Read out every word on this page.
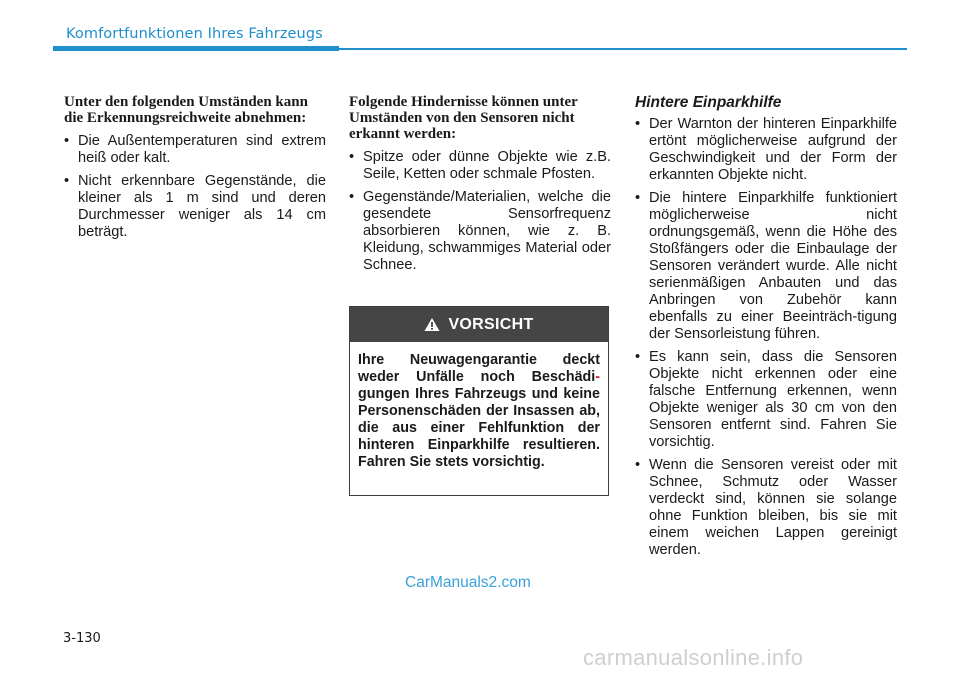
Komfortfunktionen Ihres Fahrzeugs
Unter den folgenden Umständen kann die Erkennungsreichweite abnehmen:
• Die Außentemperaturen sind extrem heiß oder kalt.
• Nicht erkennbare Gegenstände, die kleiner als 1 m sind und deren Durchmesser weniger als 14 cm beträgt.
Folgende Hindernisse können unter Umständen von den Sensoren nicht erkannt werden:
• Spitze oder dünne Objekte wie z.B. Seile, Ketten oder schmale Pfosten.
• Gegenstände/Materialien, welche die gesendete Sensorfrequenz absorbieren können, wie z. B. Kleidung, schwammiges Material oder Schnee.
VORSICHT
Ihre Neuwagengarantie deckt weder Unfälle noch Beschädi-gungen Ihres Fahrzeugs und keine Personenschäden der Insassen ab, die aus einer Fehlfunktion der hinteren Einparkhilfe resultieren. Fahren Sie stets vorsichtig.
Hintere Einparkhilfe
• Der Warnton der hinteren Einparkhilfe ertönt möglicherweise aufgrund der Geschwindigkeit und der Form der erkannten Objekte nicht.
• Die hintere Einparkhilfe funktioniert möglicherweise nicht ordnungsgemäß, wenn die Höhe des Stoßfängers oder die Einbaulage der Sensoren verändert wurde. Alle nicht serienmäßigen Anbauten und das Anbringen von Zubehör kann ebenfalls zu einer Beeinträch-tigung der Sensorleistung führen.
• Es kann sein, dass die Sensoren Objekte nicht erkennen oder eine falsche Entfernung erkennen, wenn Objekte weniger als 30 cm von den Sensoren entfernt sind. Fahren Sie vorsichtig.
• Wenn die Sensoren vereist oder mit Schnee, Schmutz oder Wasser verdeckt sind, können sie solange ohne Funktion bleiben, bis sie mit einem weichen Lappen gereinigt werden.
CarManuals2.com
3-130
carmanualsonline.info
